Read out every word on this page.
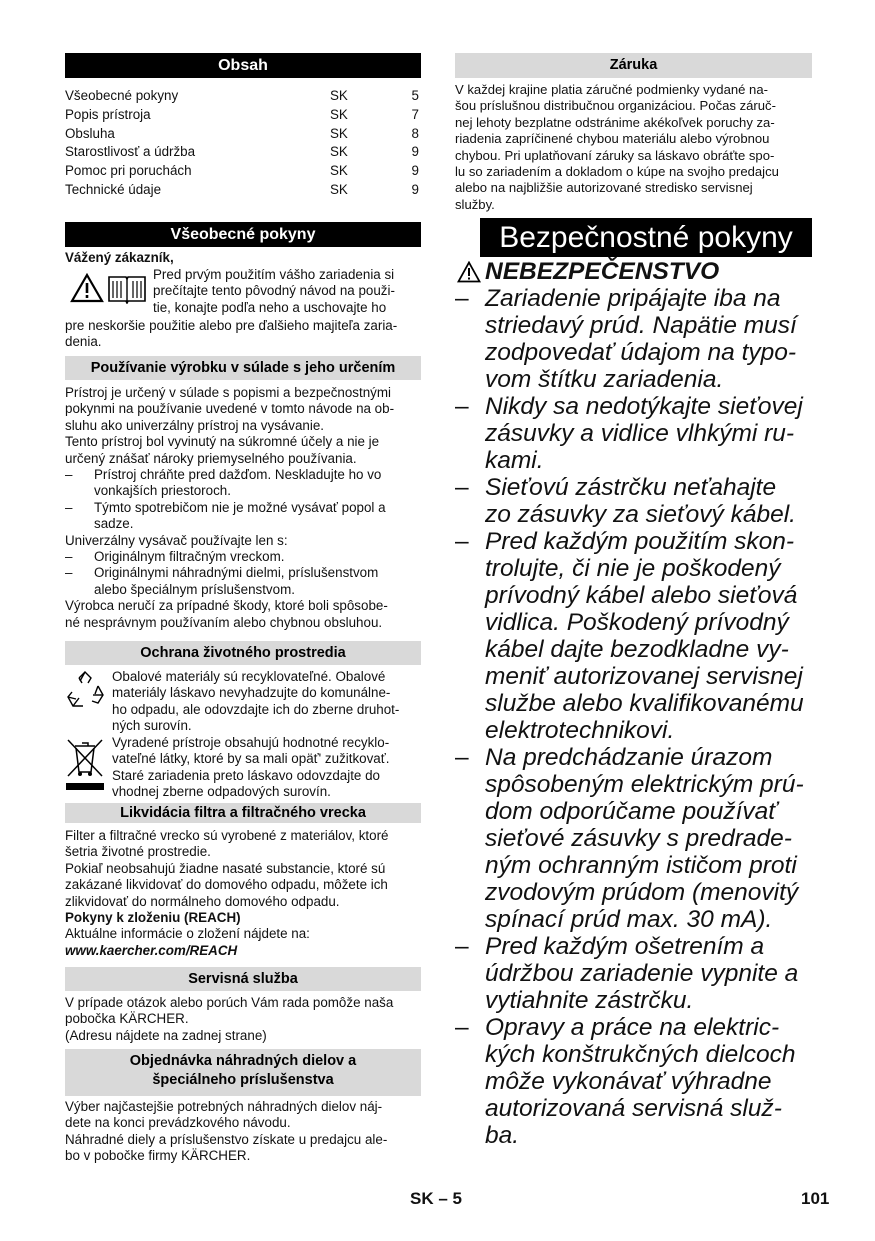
Obsah
Všeobecné pokyny	SK	5
Popis prístroja	SK	7
Obsluha	SK	8
Starostlivosť a údržba	SK	9
Pomoc pri poruchách	SK	9
Technické údaje	SK	9
Všeobecné pokyny
Vážený zákazník,
Pred prvým použitím vášho zariadenia si
prečítajte tento pôvodný návod na použi-
tie, konajte podľa neho a uschovajte ho
pre neskoršie použitie alebo pre ďalšieho majiteľa zaria-
denia.
Používanie výrobku v súlade s jeho určením
Prístroj je určený v súlade s popismi a bezpečnostnými
pokynmi na používanie uvedené v tomto návode na ob-
sluhu ako univerzálny prístroj na vysávanie.
Tento prístroj bol vyvinutý na súkromné účely a nie je
určený znášať nároky priemyselného používania.
–	Prístroj chráňte pred dažďom. Neskladujte ho vo
vonkajších priestoroch.
–	Týmto spotrebičom nie je možné vysávať popol a
sadze.
Univerzálny vysávač používajte len s:
–	Originálnym filtračným vreckom.
–	Originálnymi náhradnými dielmi, príslušenstvom
alebo špeciálnym príslušenstvom.
Výrobca neručí za prípadné škody, ktoré boli spôsobe-
né nesprávnym používaním alebo chybnou obsluhou.
Ochrana životného prostredia
Obalové materiály sú recyklovateľné. Obalové
materiály láskavo nevyhadzujte do komunálne-
ho odpadu, ale odovzdajte ich do zberne druhot-
ných surovín.
Vyradené prístroje obsahujú hodnotné recyklo-
vateľné látky, ktoré by sa mali opäť' zužitkovať.
Staré zariadenia preto láskavo odovzdajte do
vhodnej zberne odpadových surovín.
Likvidácia filtra a filtračného vrecka
Filter a filtračné vrecko sú vyrobené z materiálov, ktoré
šetria životné prostredie.
Pokiaľ neobsahujú žiadne nasaté substancie, ktoré sú
zakázané likvidovať do domového odpadu, môžete ich
zlikvidovať do normálneho domového odpadu.
Pokyny k zloženiu (REACH)
Aktuálne informácie o zložení nájdete na:
www.kaercher.com/REACH
Servisná služba
V prípade otázok alebo porúch Vám rada pomôže naša
pobočka KÄRCHER.
(Adresu nájdete na zadnej strane)
Objednávka náhradných dielov a
špeciálneho príslušenstva
Výber najčastejšie potrebných náhradných dielov náj-
dete na konci prevádzkového návodu.
Náhradné diely a príslušenstvo získate u predajcu ale-
bo v pobočke firmy KÄRCHER.
Záruka
V každej krajine platia záručné podmienky vydané na-
šou príslušnou distribučnou organizáciou. Počas záruč-
nej lehoty bezplatne odstránime akékoľvek poruchy za-
riadenia zapríčinené chybou materiálu alebo výrobnou
chybou. Pri uplatňovaní záruky sa láskavo obráťte spo-
lu so zariadením a dokladom o kúpe na svojho predajcu
alebo na najbližšie autorizované stredisko servisnej
služby.
Bezpečnostné pokyny
NEBEZPEČENSTVO
– Zariadenie pripájajte iba na
striedavý prúd. Napätie musí
zodpovedať údajom na typo-
vom štítku zariadenia.
– Nikdy sa nedotýkajte sieťovej
zásuvky a vidlice vlhkými ru-
kami.
– Sieťovú zástrčku neťahajte
zo zásuvky za sieťový kábel.
– Pred každým použitím skon-
trolujte, či nie je poškodený
prívodný kábel alebo sieťová
vidlica. Poškodený prívodný
kábel dajte bezodkladne vy-
meniť autorizovanej servisnej
službe alebo kvalifikovanému
elektrotechnikovi.
– Na predchádzanie úrazom
spôsobeným elektrickým prú-
dom odporúčame používať
sieťové zásuvky s predrade-
ným ochranným ističom proti
zvodovým prúdom (menovitý
spínací prúd max. 30 mA).
– Pred každým ošetrením a
údržbou zariadenie vypnite a
vytiahnite zástrčku.
– Opravy a práce na elektric-
kých konštrukčných dielcoch
môže vykonávať výhradne
autorizovaná servisná služ-
ba.
SK – 5	101
